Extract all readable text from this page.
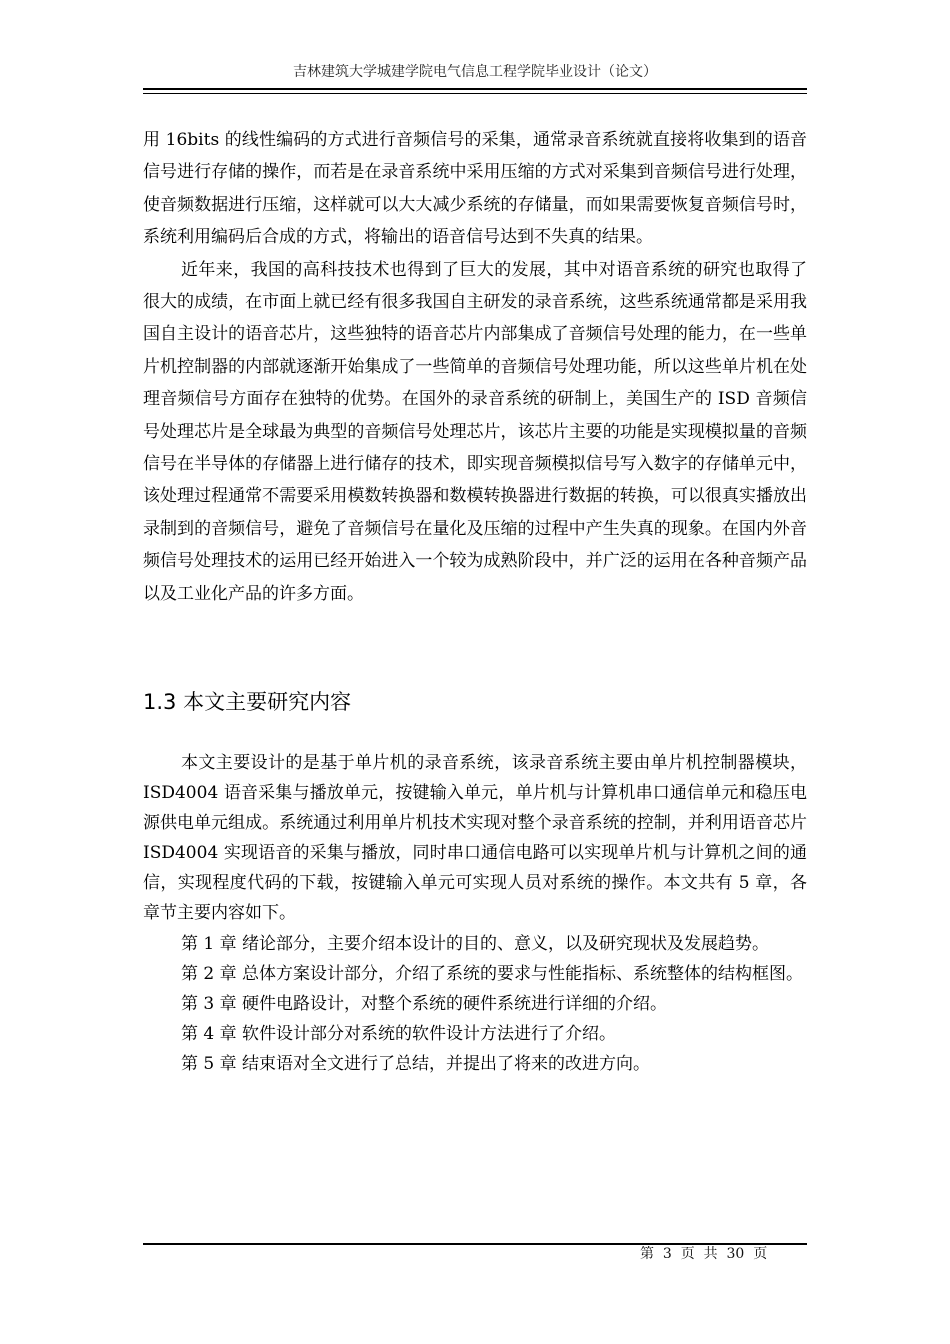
吉林建筑大学城建学院电气信息工程学院毕业设计（论文）

用 16bits 的线性编码的方式进行音频信号的采集，通常录音系统就直接将收集到的语音信号进行存储的操作，而若是在录音系统中采用压缩的方式对采集到音频信号进行处理，使音频数据进行压缩，这样就可以大大减少系统的存储量，而如果需要恢复音频信号时，系统利用编码后合成的方式，将输出的语音信号达到不失真的结果。

近年来，我国的高科技技术也得到了巨大的发展，其中对语音系统的研究也取得了很大的成绩，在市面上就已经有很多我国自主研发的录音系统，这些系统通常都是采用我国自主设计的语音芯片，这些独特的语音芯片内部集成了音频信号处理的能力，在一些单片机控制器的内部就逐渐开始集成了一些简单的音频信号处理功能，所以这些单片机在处理音频信号方面存在独特的优势。在国外的录音系统的研制上，美国生产的 ISD 音频信号处理芯片是全球最为典型的音频信号处理芯片，该芯片主要的功能是实现模拟量的音频信号在半导体的存储器上进行储存的技术，即实现音频模拟信号写入数字的存储单元中，该处理过程通常不需要采用模数转换器和数模转换器进行数据的转换，可以很真实播放出录制到的音频信号，避免了音频信号在量化及压缩的过程中产生失真的现象。在国内外音频信号处理技术的运用已经开始进入一个较为成熟阶段中，并广泛的运用在各种音频产品以及工业化产品的许多方面。

1.3 本文主要研究内容

本文主要设计的是基于单片机的录音系统，该录音系统主要由单片机控制器模块，ISD4004 语音采集与播放单元，按键输入单元，单片机与计算机串口通信单元和稳压电源供电单元组成。系统通过利用单片机技术实现对整个录音系统的控制，并利用语音芯片 ISD4004 实现语音的采集与播放，同时串口通信电路可以实现单片机与计算机之间的通信，实现程度代码的下载，按键输入单元可实现人员对系统的操作。本文共有 5 章，各章节主要内容如下。

第 1 章 绪论部分，主要介绍本设计的目的、意义，以及研究现状及发展趋势。

第 2 章 总体方案设计部分，介绍了系统的要求与性能指标、系统整体的结构框图。

第 3 章 硬件电路设计，对整个系统的硬件系统进行详细的介绍。

第 4 章 软件设计部分对系统的软件设计方法进行了介绍。

第 5 章 结束语对全文进行了总结，并提出了将来的改进方向。

第  3  页  共  30  页
